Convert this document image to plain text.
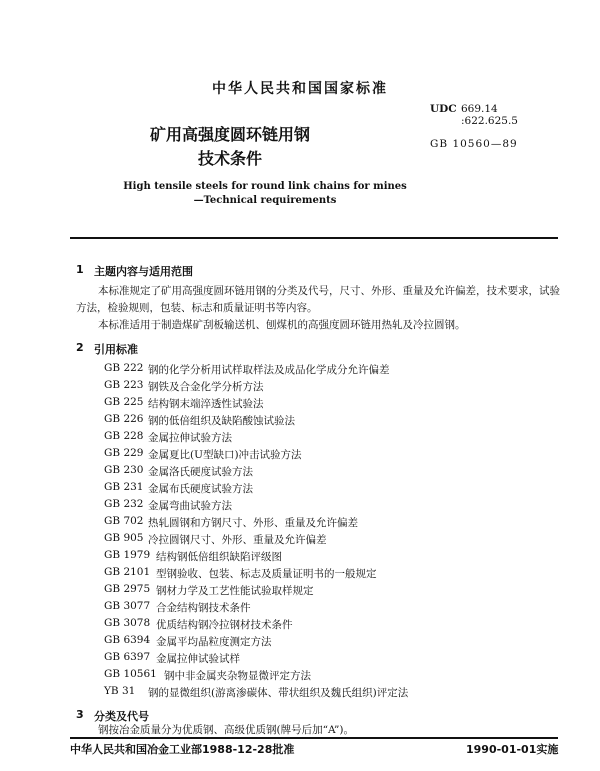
中华人民共和国国家标准
UDC 669.14
:622.625.5
GB 10560—89
矿用高强度圆环链用钢
技术条件
High tensile steels for round link chains for mines
—Technical requirements
1 主题内容与适用范围
本标准规定了矿用高强度圆环链用钢的分类及代号，尺寸、外形、重量及允许偏差，技术要求，试验
方法，检验规则，包装、标志和质量证明书等内容。
本标准适用于制造煤矿刮板输送机、刨煤机的高强度圆环链用热轧及冷拉圆钢。
2 引用标准
GB 222 钢的化学分析用试样取样法及成品化学成分允许偏差
GB 223 钢铁及合金化学分析方法
GB 225 结构钢末端淬透性试验法
GB 226 钢的低倍组织及缺陷酸蚀试验法
GB 228 金属拉伸试验方法
GB 229 金属夏比(U型缺口)冲击试验方法
GB 230 金属洛氏硬度试验方法
GB 231 金属布氏硬度试验方法
GB 232 金属弯曲试验方法
GB 702 热轧圆钢和方钢尺寸、外形、重量及允许偏差
GB 905 冷拉圆钢尺寸、外形、重量及允许偏差
GB 1979 结构钢低倍组织缺陷评级图
GB 2101 型钢验收、包装、标志及质量证明书的一般规定
GB 2975 钢材力学及工艺性能试验取样规定
GB 3077 合金结构钢技术条件
GB 3078 优质结构钢冷拉钢材技术条件
GB 6394 金属平均晶粒度测定方法
GB 6397 金属拉伸试验试样
GB 10561 钢中非金属夹杂物显微评定方法
YB 31 钢的显微组织(游离渗碳体、带状组织及魏氏组织)评定法
3 分类及代号
钢按冶金质量分为优质钢、高级优质钢(牌号后加“A”)。
中华人民共和国冶金工业部1988-12-28批准	1990-01-01实施
